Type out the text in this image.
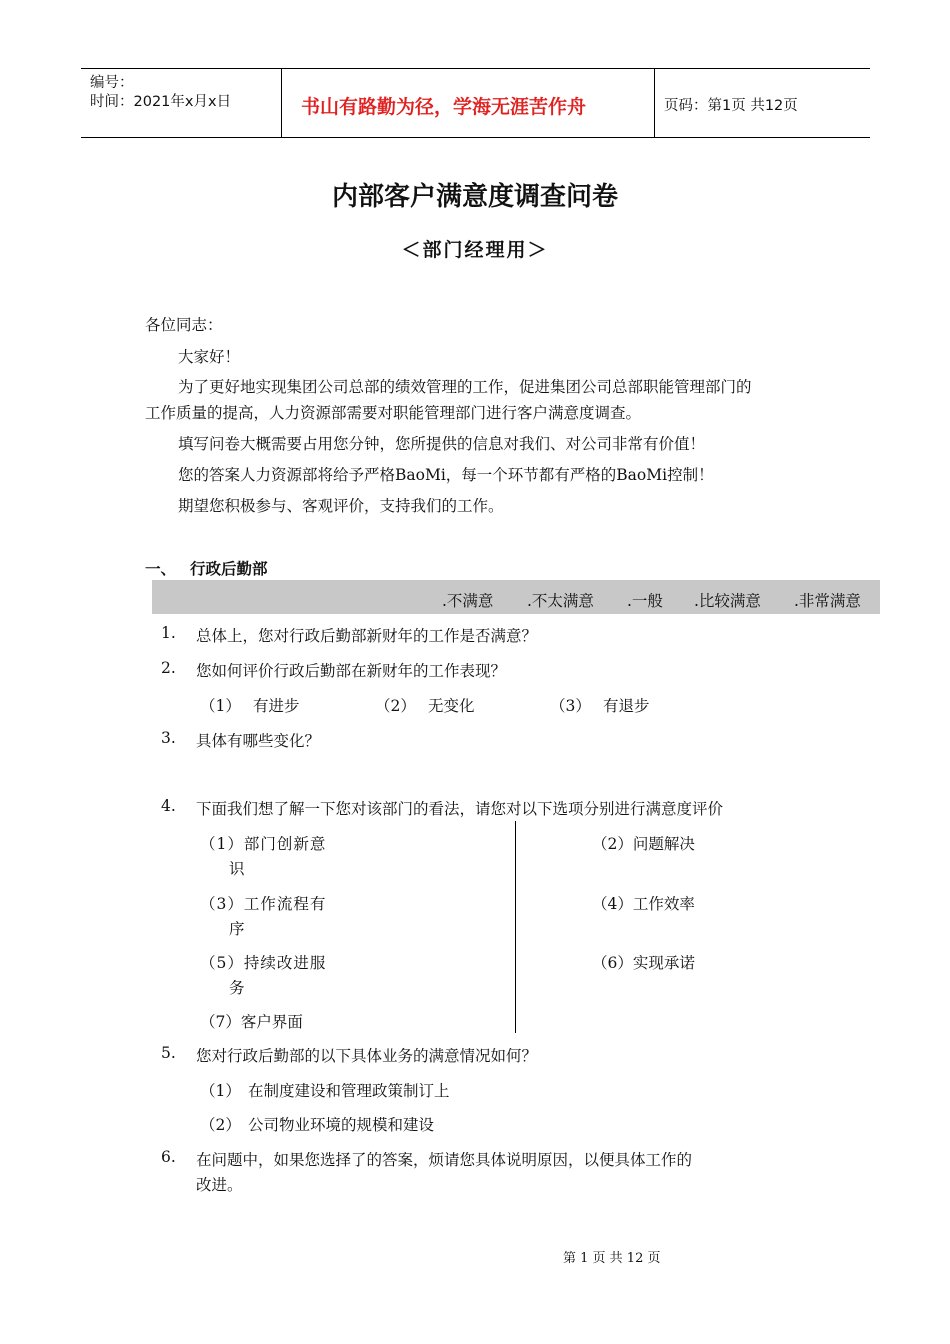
编号：
时间：2021年x月x日	书山有路勤为径，学海无涯苦作舟	页码：第1页 共12页
内部客户满意度调查问卷
＜部门经理用＞
各位同志：
大家好！
为了更好地实现集团公司总部的绩效管理的工作，促进集团公司总部职能管理部门的
工作质量的提高，人力资源部需要对职能管理部门进行客户满意度调查。
填写问卷大概需要占用您分钟，您所提供的信息对我们、对公司非常有价值！
您的答案人力资源部将给予严格BaoMi，每一个环节都有严格的BaoMi控制！
期望您积极参与、客观评价，支持我们的工作。
一、 行政后勤部
.不满意 .不太满意 .一般 .比较满意 .非常满意
1. 总体上，您对行政后勤部新财年的工作是否满意？
2. 您如何评价行政后勤部在新财年的工作表现？
（1） 有进步	（2） 无变化	（3） 有退步
3. 具体有哪些变化？
4. 下面我们想了解一下您对该部门的看法，请您对以下选项分别进行满意度评价
（1）部门创新意
识
（2）问题解决
（3）工作流程有
序
（4）工作效率
（5）持续改进服
务
（6）实现承诺
（7）客户界面
5. 您对行政后勤部的以下具体业务的满意情况如何？
（1） 在制度建设和管理政策制订上
（2） 公司物业环境的规模和建设
6. 在问题中，如果您选择了的答案，烦请您具体说明原因，以便具体工作的
改进。
第 1 页 共 12 页
